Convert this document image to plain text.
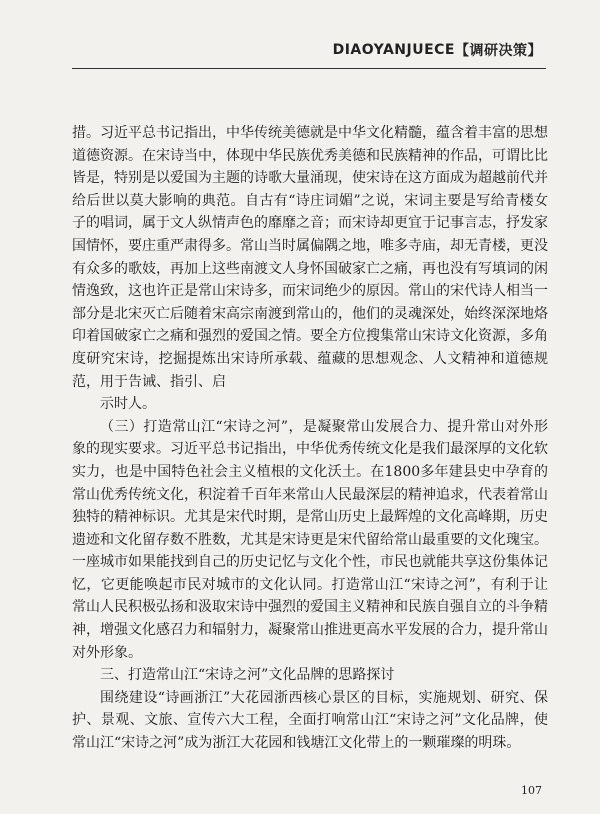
DIAOYANJUECE 【 调研决策 】

措。习近平总书记指出，中华传统美德就是中华文化精髓，蕴含着丰富的思想道德资源。在宋诗当中，体现中华民族优秀美德和民族精神的作品，可谓比比皆是，特别是以爱国为主题的诗歌大量涌现，使宋诗在这方面成为超越前代并给后世以莫大影响的典范。自古有“诗庄词媚”之说，宋词主要是写给青楼女子的唱词，属于文人纵情声色的靡靡之音；而宋诗却更宜于记事言志，抒发家国情怀，要庄重严肃得多。常山当时属偏隅之地，唯多寺庙，却无青楼，更没有众多的歌妓，再加上这些南渡文人身怀国破家亡之痛，再也没有写填词的闲情逸致，这也许正是常山宋诗多，而宋词绝少的原因。常山的宋代诗人相当一部分是北宋灭亡后随着宋高宗南渡到常山的，他们的灵魂深处，始终深深地烙印着国破家亡之痛和强烈的爱国之情。要全方位搜集常山宋诗文化资源，多角度研究宋诗，挖掘提炼出宋诗所承载、蕴藏的思想观念、人文精神和道德规范，用于告诫、指引、启

示时人。

（三）打造常山江“宋诗之河”，是凝聚常山发展合力、提升常山对外形象的现实要求。习近平总书记指出，中华优秀传统文化是我们最深厚的文化软实力，也是中国特色社会主义植根的文化沃土。在1800多年建县史中孕育的常山优秀传统文化，积淀着千百年来常山人民最深层的精神追求，代表着常山独特的精神标识。尤其是宋代时期，是常山历史上最辉煌的文化高峰期，历史遗迹和文化留存数不胜数，尤其是宋诗更是宋代留给常山最重要的文化瑰宝。一座城市如果能找到自己的历史记忆与文化个性，市民也就能共享这份集体记忆，它更能唤起市民对城市的文化认同。打造常山江“宋诗之河”，有利于让常山人民积极弘扬和汲取宋诗中强烈的爱国主义精神和民族自强自立的斗争精神，增强文化感召力和辐射力，凝聚常山推进更高水平发展的合力，提升常山对外形象。

三、打造常山江“宋诗之河”文化品牌的思路探讨

围绕建设“诗画浙江”大花园浙西核心景区的目标，实施规划、研究、保护、景观、文旅、宣传六大工程，全面打响常山江“宋诗之河”文化品牌，使常山江“宋诗之河”成为浙江大花园和钱塘江文化带上的一颗璀璨的明珠。

107
